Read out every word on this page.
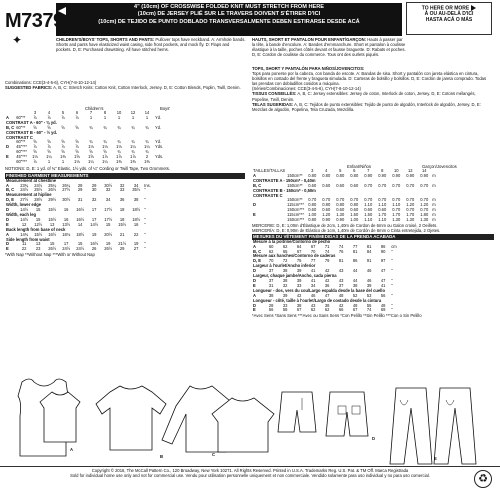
4" (10cm) OF CROSSWISE FOLDED KNIT MUST STRETCH FROM HERE
(10cm) DE JERSEY PLIÉ SUR LE TRAVERS DOIVENT S'ÉTIRER D'ICI
(10cm) DE TEJIDO DE PUNTO DOBLADO TRANSVERSALMENTE DEBEN ESTIRARSE DESDE ACÁ
TO HERE OR MORE
À OU AU-DELÀ D'ICI
HASTA ACÁ O MÁS
M7379
✦	CHILDREN'S/BOYS' TOPS, SHORTS AND PANTS: Pullover tops have neckband. A: Armhole bands. Shorts and pants have elasticized waist casing, side front pockets, and mock fly. D: Flaps and pockets. D, E: Purchased drawstring. All have stitched hems.
Combinations: CCE(3-4-5-6), CYH(7-8-10-12-14)
SUGGESTED FABRICS: A, B, C: Stretch Knits: Cotton Knit, Cotton Interlock, Jersey. D, E: Cotton Blends, Poplin, Twill, Denim.
Children's	Boys'
		3	4	5	6	7	8	10	12	14	
A	60"**	⅞	⅞	⅞	⅞	1	1	1	1	1	Yd.
CONTRAST A - 60" - ⅜ yd.											
B, C	60"**	⅝	⅝	⅝	⅝	¾	¾	¾	¾	¾	Yd.
CONTRAST B - 60" - ½ yd.											
CONTRAST C											
	60"**	⅝	⅝	⅝	⅝	¾	¾	¾	¾	¾	Yd.
D	45"***	⅞	⅞	⅞	⅞	1⅛	1⅛	1⅛	1¼	1¼	Yds.
	60"***	⅝	⅝	⅝	⅝	⅝	⅝	¾	¾	¾	
E	45"***	1⅛	1¼	1⅜	1⅝	1⅝	1⅞	1⅞	1⅞	2	Yds.
	60"***	⅞	1	1	1⅛	1¼	1¼	1⅜	1⅜	1⅜	
NOTIONS: D, E: 1 yd. of ¾" Elastic, 1½ yds. of ¼" Cording or Twill Tape, Two Grommets.
FINISHED GARMENT MEASUREMENTS
Measurement at chestline											
A		23¾	24½	25¼	26¼	28	29	30½	32	34	Ins.
B, C		24½	25½	26½	27½	29	30	32	33	35½	"
Measurement at hipline											
D, E		27½	28½	29½	30½	31	32	34	36	38	"
Width, lower edge											
D		14½	15	15½	16	16½	17	17½	18	18½	"
Width, each leg											
D		14½	15	15½	16	16½	17	17½	18	18½	"
E		12	12½	13	13½	14	14½	15	15½	16	"
Back length from base of neck											
A		14¾	15½	16½	18⅛	18½	19	20½	21	22	"
Side length from waist											
D		11	13	15	17	15	16½	19	21½	19	"
E		22	23	26½	24½	24½	26	26½	29	27	"
*With Nap **Without Nap ***With or Without Nap
HAUTS, SHORT ET PANTALON POUR ENFANT/GARÇON: Hauts à passer par la tête, à bande d'encolure. A: Bandes d'emmanchure. Short et pantalon à coulisse élastique à la taille, poches côtés devant et fausse braguette. D: Rabats et poches. D, E: Cordon de coulisse du commerce. Tous ont des ourlets piqués.
TOPS, SHORT Y PANTALÓN PARA NIÑOS/JOVENCITOS:
Tops para ponerse por la cabeza, con banda de escote. A: Bandas de sisa. Short y pantalón con jareta elástica en cintura, bolsillos en costado del frente y bragueta simulada. D: Carteras de bolsillo y bolsillos. D, E: Cordón de jareta comprado. Todas las prendas con dobladillos cosidos a máquina.
(Séries/Combinaciones: CCE(3-4-5-6), CYH(7-8-10-12-14)
TISSUS CONSEILLÉS: A, B, C: Jersey extensibles: Jersey de coton, Interlock de coton, Jersey. D, E: Cotons mélangés, Popeline, Twill, Denim.
TELAS SUGERIDAS: A, B, C: Tejidos de punto extensibles: Tejido de punto de algodón, Interlock de algodón, Jersey. D, E: Mezclas de algodón, Popelina, Tela Cruzada, Mezclilla.
Enfant/Niños	Garçon/Jovencitos
TAILLES/TALLAS		3	4	5	6	7	8	10	12	14	
A	150cm**	0.80	0.80	0.80	0.80	0.90	0.90	0.90	0.90	0.90	m
CONTRASTE A - 150cm* - 0,40m											
B, C	150cm**	0.60	0.60	0.60	0.60	0.70	0.70	0.70	0.70	0.70	m
CONTRASTE B - 150cm* - 0,50m											
CONTRASTE C											
	150cm**	0.70	0.70	0.70	0.70	0.70	0.70	0.70	0.70	0.70	m
D	115cm***	0.80	0.80	0.80	0.80	1.10	1.10	1.10	1.20	1.20	m
	150cm***	0.60	0.60	0.60	0.60	0.60	0.60	0.70	0.70	0.70	m
E	115cm***	1.00	1.20	1.30	1.50	1.50	1.70	1.70	1.70	1.80	m
	150cm***	0.80	0.90	0.90	1.00	1.10	1.10	1.30	1.30	1.30	m
MERCERIE: D, E: 1,00m d'Élastique de 2cm, 1,40m de Cordon de 6mm ou Galon croisé, 2 Oeillets.
MERCERÍA: D, E: 0,90m de Elástico de 1cm, 1,40m de Cordón de 6mm o Cinta entretejida, 2 Ojetes.
MESURES DU VÊTEMENT FINI/MEDIDAS DE LA PRENDA ACABADA
Mesure à la poitrine/Contorno de pecho											
A		60	62	64	67	71	74	77	81	86	cm
B, C		62	65	67	70	74	76	81	84	90	"
Mesure aux hanches/Contorno de caderas											
D, E		70	72	75	77	79	81	86	91	97	"
Largeur à l'ourlet/Ancho inferior											
D		37	38	39	41	42	43	44	46	47	"
Largeur, chaque jambe/Ancho, cada pierna											
D		37	38	39	41	42	43	44	46	47	"
E		31	32	33	34	36	37	38	39	41	"
Longueur - dos, vers du cou/Largo espalda desde la base del cuello											
A		38	39	42	46	47	48	52	53	56	"
Longueur - côté, taille à l'ourlet/Largo de costado desde la cintura											
D		28	33	38	43	38	42	48	55	48	"
E		56	58	67	62	62	66	67	74	69	"
*Avec Sens *Sans Sens ***Avec ou Sans Sens *Con Pelillo **Sin Pelillo ***Con o Sin Pelillo
A
B	C
D
E
Copyright © 2016, The McCall Pattern Co., 120 Broadway, New York 10271. All Rights Reserved. Printed in U.S.A. Trademarks Reg. U.S. Pat. & TM Off. Marca Registrada
Sold for individual home use only and not for commercial use. Vendu pour utilisation personnelle uniquement et non commerciale. Vendido solamente para uso individual y no para uso comercial.	♻
